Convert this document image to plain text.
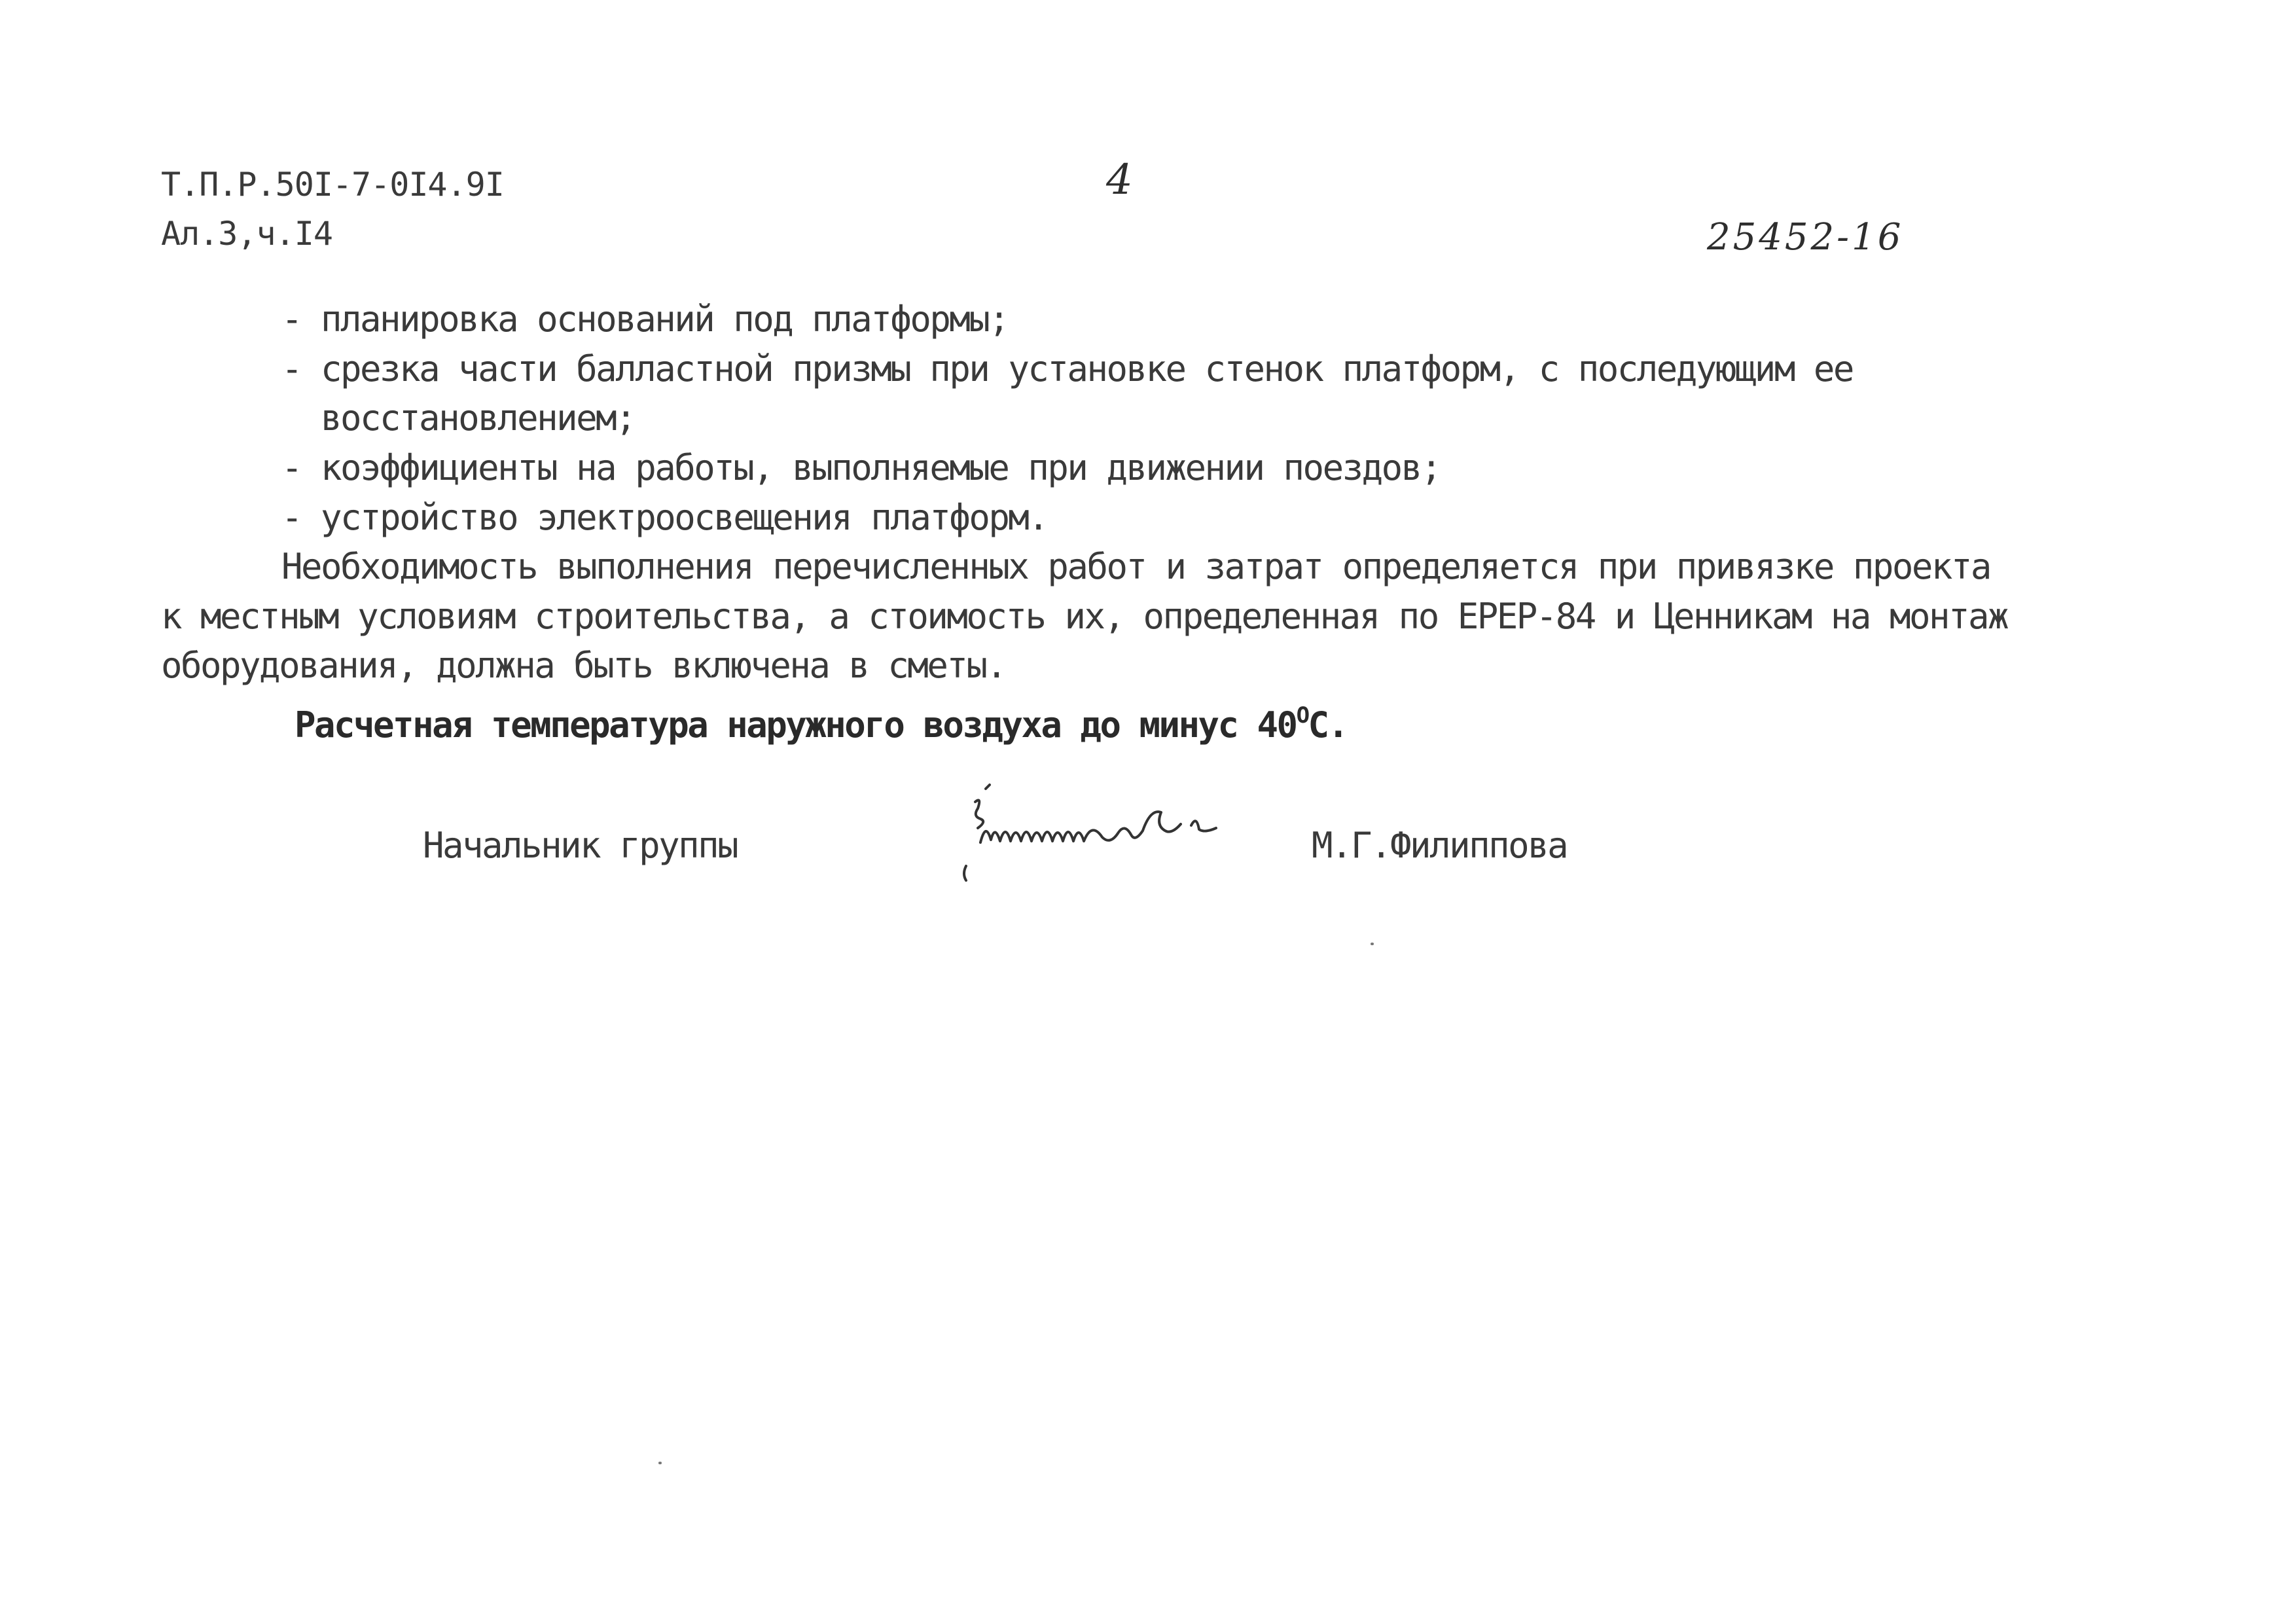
Т.П.Р.50I-7-0I4.9I
Ал.3,ч.I4
4
25452-16
- планировка оснований под платформы;
- срезка части балластной призмы при установке стенок платформ, с последующим ее
восстановлением;
- коэффициенты на работы, выполняемые при движении поездов;
- устройство электроосвещения платформ.
Необходимость выполнения перечисленных работ и затрат определяется при привязке проекта
к местным условиям строительства, а стоимость их, определенная по ЕРЕР-84 и Ценникам на монтаж
оборудования, должна быть включена в сметы.
Расчетная температура наружного воздуха до минус $40^ОС$.
Начальник группы	М.Г.Филиппова
